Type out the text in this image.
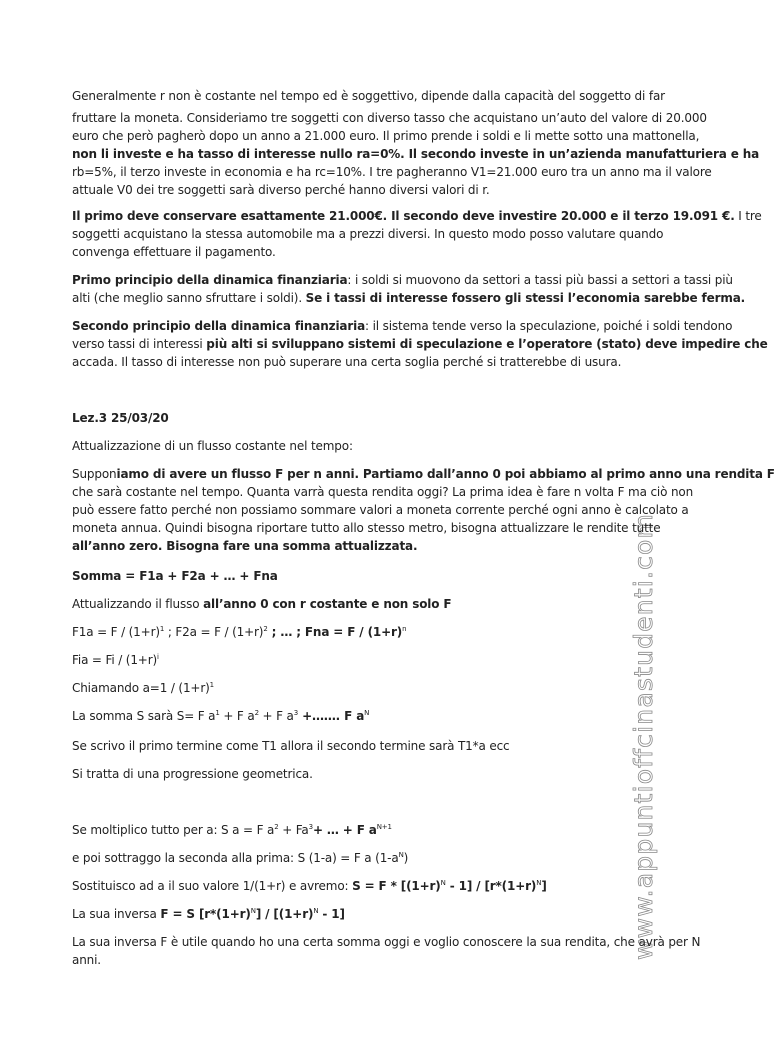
www.appuntioffcinastudenti.com
Generalmente r non è costante nel tempo ed è soggettivo, dipende dalla capacità del soggetto di far
fruttare la moneta. Consideriamo tre soggetti con diverso tasso che acquistano un’auto del valore di 20.000
euro che però pagherò dopo un anno a 21.000 euro. Il primo prende i soldi e li mette sotto una mattonella,
non li investe e ha tasso di interesse nullo ra=0%. Il secondo investe in un’azienda manufatturiera e ha
rb=5%, il terzo investe in economia e ha rc=10%. I tre pagheranno V1=21.000 euro tra un anno ma il valore
attuale V0 dei tre soggetti sarà diverso perché hanno diversi valori di r.
Il primo deve conservare esattamente 21.000€. Il secondo deve investire 20.000 e il terzo 19.091 €. I tre
soggetti acquistano la stessa automobile ma a prezzi diversi. In questo modo posso valutare quando
convenga effettuare il pagamento.
Primo principio della dinamica finanziaria: i soldi si muovono da settori a tassi più bassi a settori a tassi più
alti (che meglio sanno sfruttare i soldi). Se i tassi di interesse fossero gli stessi l’economia sarebbe ferma.
Secondo principio della dinamica finanziaria: il sistema tende verso la speculazione, poiché i soldi tendono
verso tassi di interessi più alti si sviluppano sistemi di speculazione e l’operatore (stato) deve impedire che
accada. Il tasso di interesse non può superare una certa soglia perché si tratterebbe di usura.
Lez.3 25/03/20
Attualizzazione di un flusso costante nel tempo:
Supponiamo di avere un flusso F per n anni. Partiamo dall’anno 0 poi abbiamo al primo anno una rendita F
che sarà costante nel tempo. Quanta varrà questa rendita oggi? La prima idea è fare n volta F ma ciò non
può essere fatto perché non possiamo sommare valori a moneta corrente perché ogni anno è calcolato a
moneta annua. Quindi bisogna riportare tutto allo stesso metro, bisogna attualizzare le rendite tutte
all’anno zero. Bisogna fare una somma attualizzata.
Somma = F1a + F2a + … + Fna
Attualizzando il flusso all’anno 0 con r costante e non solo F
$F1a = F / (1+r)^1$ ; $F2a = F / (1+r)^2$ ; … ; Fna = $F / (1+r)^n$
Fia = $Fi / (1+r)^i$
Chiamando $a=1 / (1+r)^1$
La somma S sarà S= F $a^1 + F$ $a^2 + F$ $a^3$ +……. F $a^N$
Se scrivo il primo termine come T1 allora il secondo termine sarà T1*a ecc
Si tratta di una progressione geometrica.
Se moltiplico tutto per a: S a = F $a^2 + Fa^3+$ … + F $a^{N+1}$
e poi sottraggo la seconda alla prima: S (1-a) = F a $(1-a^N)$
Sostituisco ad a il suo valore 1/(1+r) e avremo: $S = F * [(1+r)^N - 1] / [r*(1+r)^N]$
La sua inversa F = S $[r*(1+r)^N] / [(1+r)^N - 1]$
La sua inversa F è utile quando ho una certa somma oggi e voglio conoscere la sua rendita, che avrà per N
anni.
